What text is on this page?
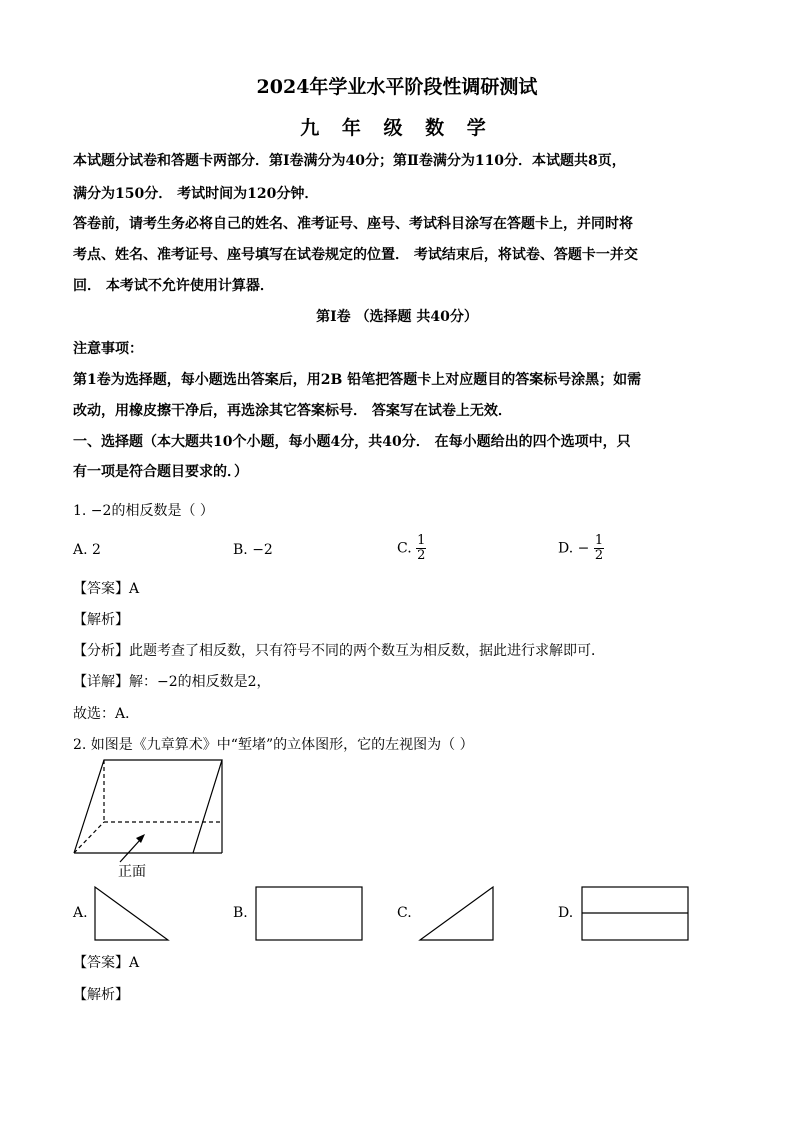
2024年学业水平阶段性调研测试
九 年 级 数 学
本试题分试卷和答题卡两部分．第Ⅰ卷满分为40分；第Ⅱ卷满分为110分．本试题共8页，
满分为150分． 考试时间为120分钟．
答卷前，请考生务必将自己的姓名、准考证号、座号、考试科目涂写在答题卡上，并同时将
考点、姓名、准考证号、座号填写在试卷规定的位置． 考试结束后，将试卷、答题卡一并交
回． 本考试不允许使用计算器．
第Ⅰ卷 （选择题 共40分）
注意事项：
第1卷为选择题，每小题选出答案后，用2B 铅笔把答题卡上对应题目的答案标号涂黑；如需
改动，用橡皮擦干净后，再选涂其它答案标号． 答案写在试卷上无效．
一、选择题（本大题共10个小题，每小题4分，共40分． 在每小题给出的四个选项中，只
有一项是符合题目要求的．）
1. −2的相反数是（ ）
A. 2	B. −2	C. $\frac{1}{2}$	D. − $\frac{1}{2}$
【答案】A
【解析】
【分析】此题考查了相反数，只有符号不同的两个数互为相反数，据此进行求解即可．
【详解】解：−2的相反数是2，
故选：A．
2. 如图是《九章算术》中“堑堵”的立体图形，它的左视图为（ ）
正面
A.	B.	C.	D.
【答案】A
【解析】
